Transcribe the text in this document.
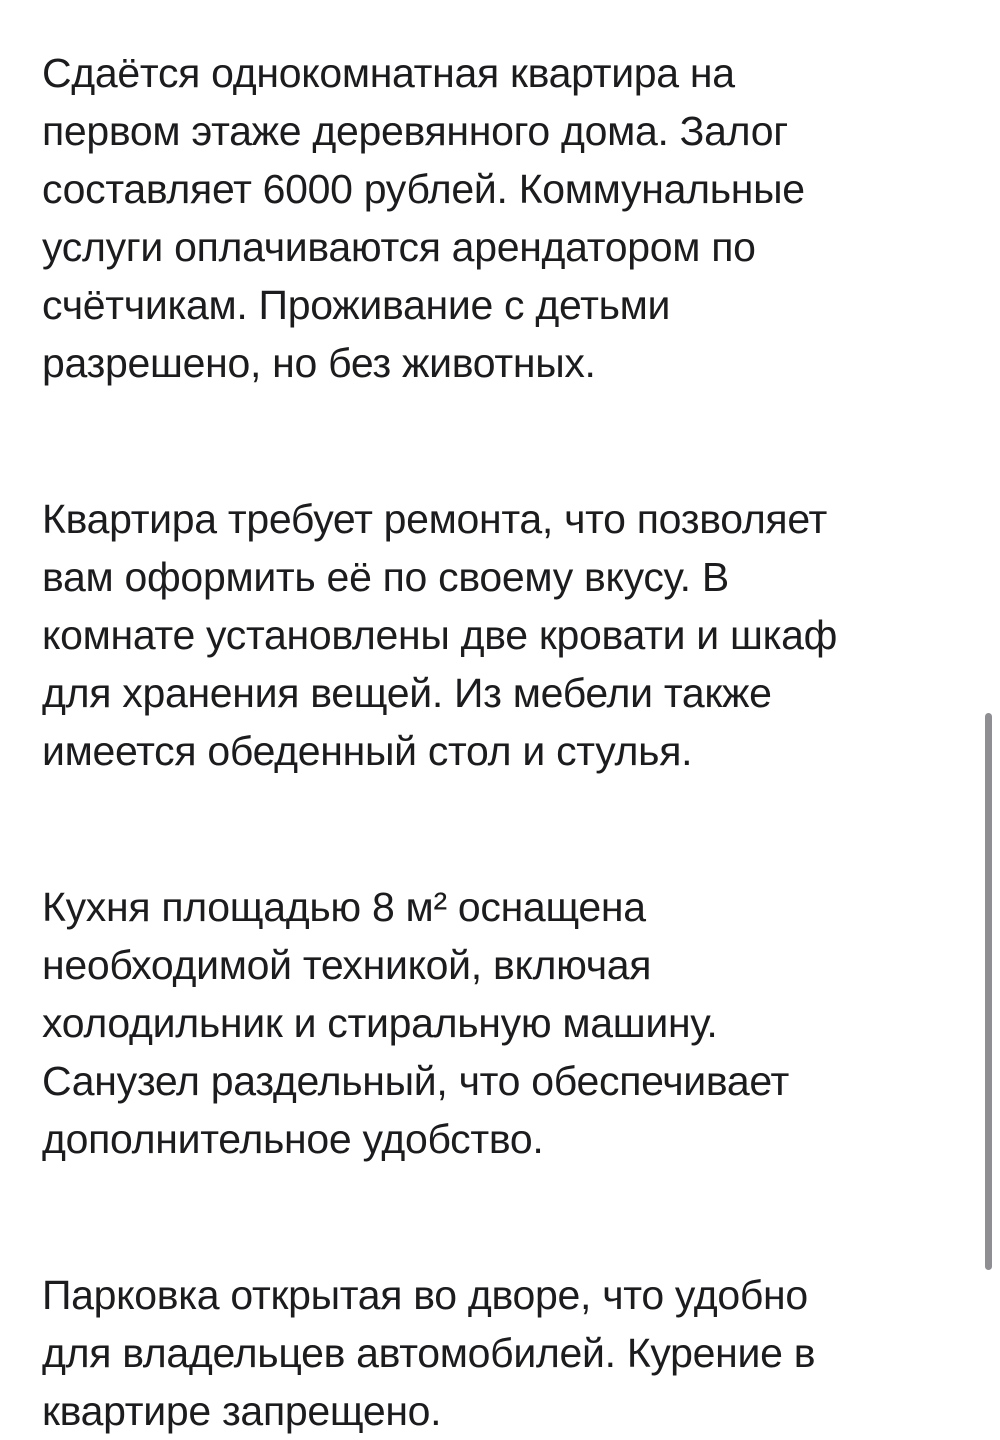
Сдаётся однокомнатная квартира на
первом этаже деревянного дома. Залог
составляет 6000 рублей. Коммунальные
услуги оплачиваются арендатором по
счётчикам. Проживание с детьми
разрешено, но без животных.

Квартира требует ремонта, что позволяет
вам оформить её по своему вкусу. В
комнате установлены две кровати и шкаф
для хранения вещей. Из мебели также
имеется обеденный стол и стулья.

Кухня площадью 8 м² оснащена
необходимой техникой, включая
холодильник и стиральную машину.
Санузел раздельный, что обеспечивает
дополнительное удобство.

Парковка открытая во дворе, что удобно
для владельцев автомобилей. Курение в
квартире запрещено.
